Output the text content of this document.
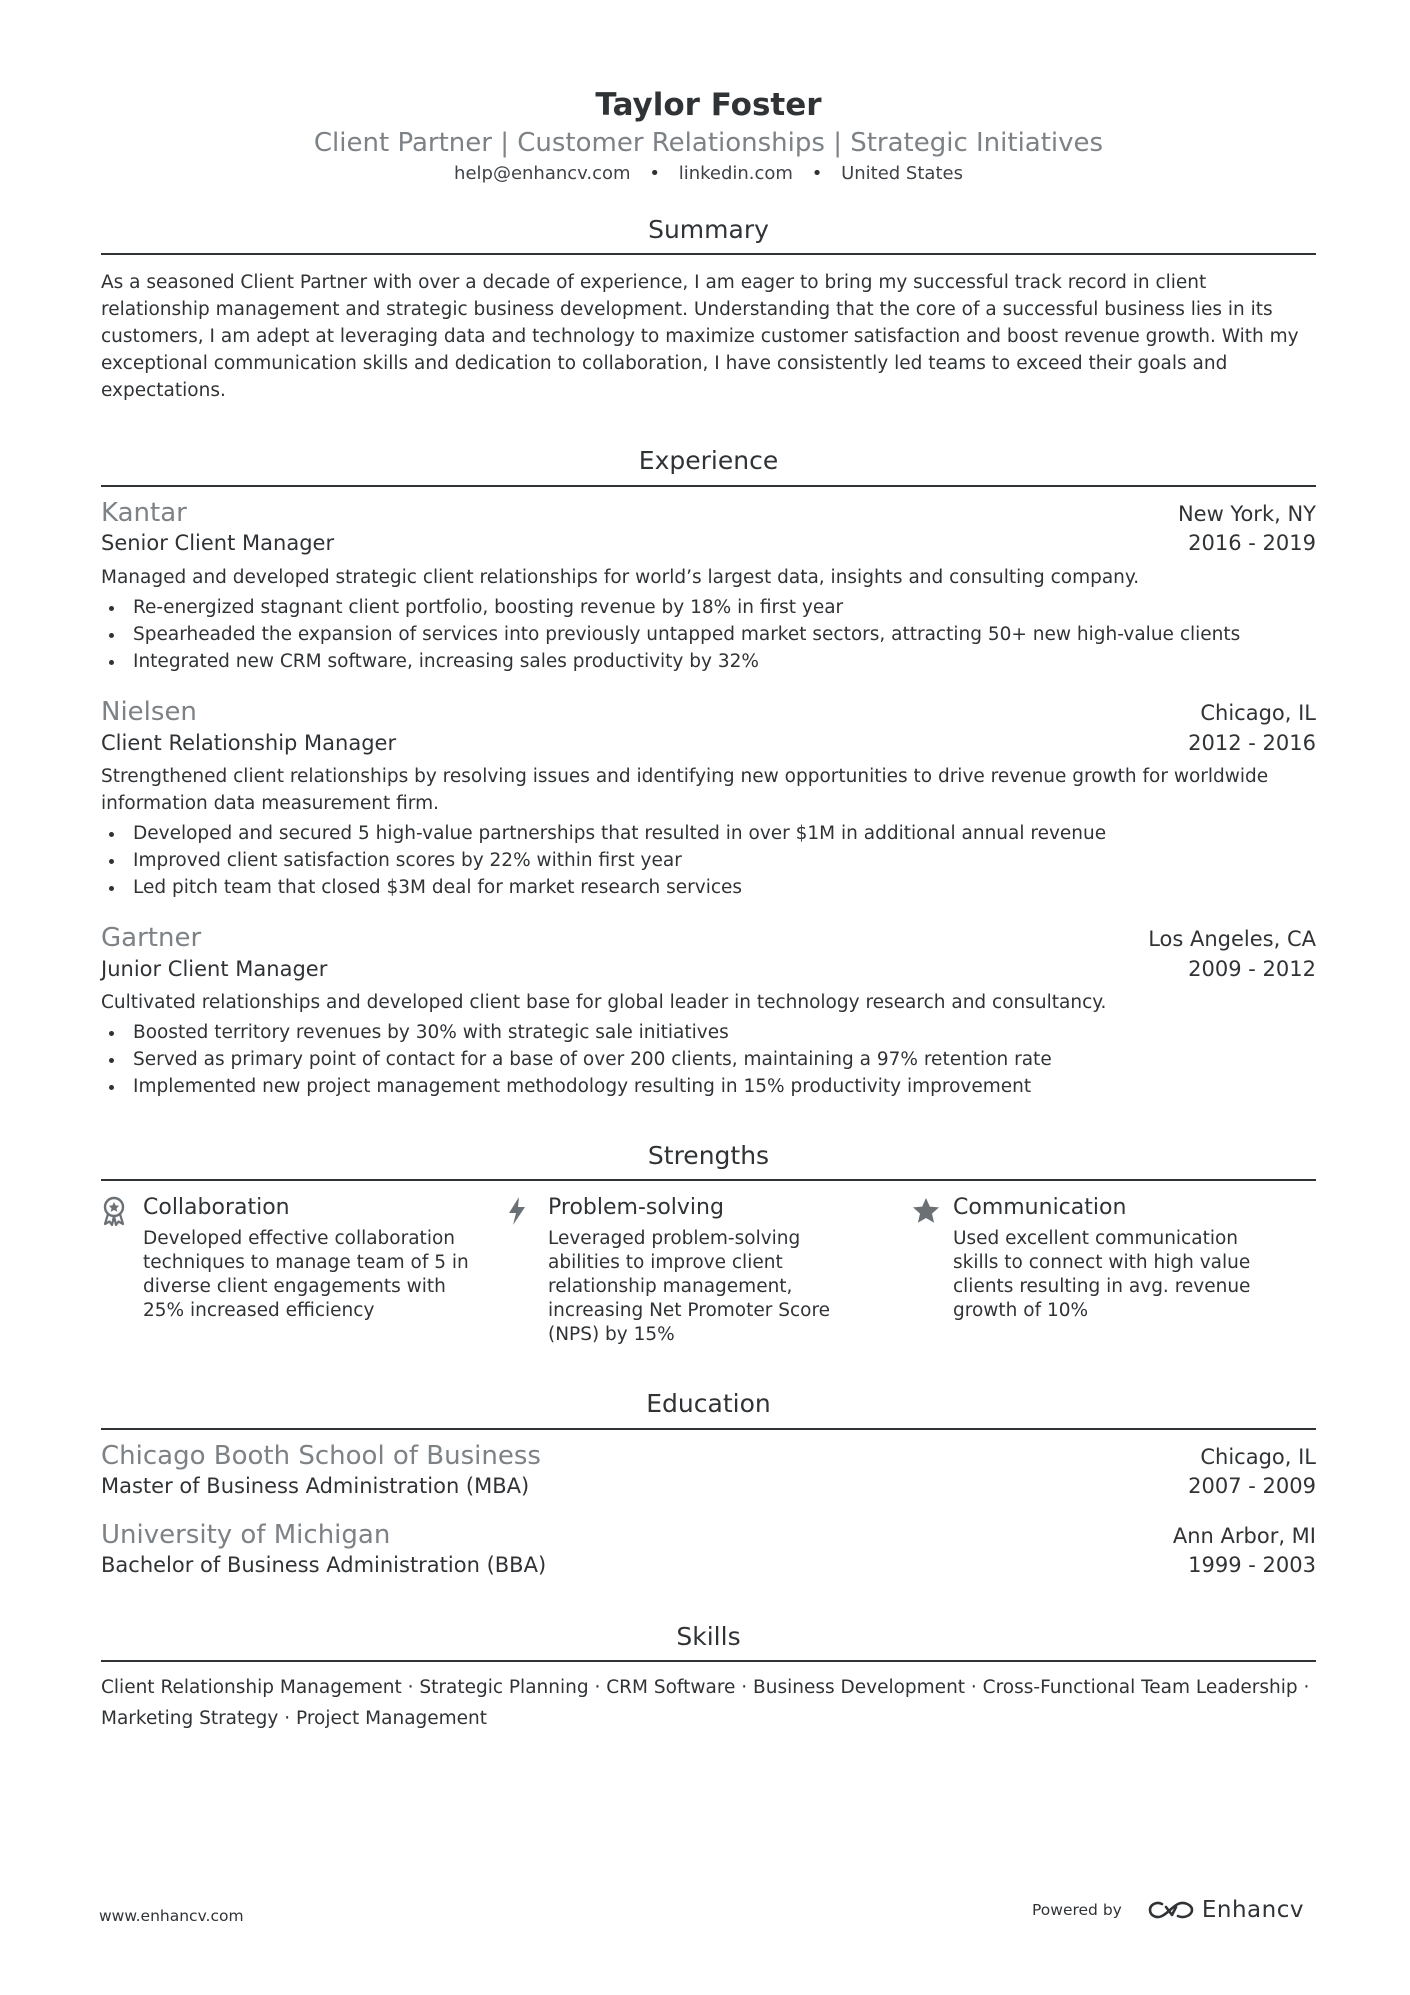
Taylor Foster
Client Partner | Customer Relationships | Strategic Initiatives
help@enhancv.com • linkedin.com • United States
Summary

As a seasoned Client Partner with over a decade of experience, I am eager to bring my successful track record in client relationship management and strategic business development. Understanding that the core of a successful business lies in its customers, I am adept at leveraging data and technology to maximize customer satisfaction and boost revenue growth. With my exceptional communication skills and dedication to collaboration, I have consistently led teams to exceed their goals and expectations.

Experience
Kantar	New York, NY
Senior Client Manager	2016 - 2019

Managed and developed strategic client relationships for world’s largest data, insights and consulting company.

Re-energized stagnant client portfolio, boosting revenue by 18% in first year
Spearheaded the expansion of services into previously untapped market sectors, attracting 50+ new high-value clients
Integrated new CRM software, increasing sales productivity by 32%
Nielsen	Chicago, IL
Client Relationship Manager	2012 - 2016

Strengthened client relationships by resolving issues and identifying new opportunities to drive revenue growth for worldwide information data measurement firm.

Developed and secured 5 high-value partnerships that resulted in over $1M in additional annual revenue
Improved client satisfaction scores by 22% within first year
Led pitch team that closed $3M deal for market research services
Gartner	Los Angeles, CA
Junior Client Manager	2009 - 2012

Cultivated relationships and developed client base for global leader in technology research and consultancy.

Boosted territory revenues by 30% with strategic sale initiatives
Served as primary point of contact for a base of over 200 clients, maintaining a 97% retention rate
Implemented new project management methodology resulting in 15% productivity improvement
Strengths
Collaboration

Developed effective collaboration techniques to manage team of 5 in diverse client engagements with 25% increased efficiency

Problem-solving

Leveraged problem-solving abilities to improve client relationship management, increasing Net Promoter Score (NPS) by 15%

Communication

Used excellent communication skills to connect with high value clients resulting in avg. revenue growth of 10%

Education
Chicago Booth School of Business	Chicago, IL
Master of Business Administration (MBA)	2007 - 2009
University of Michigan	Ann Arbor, MI
Bachelor of Business Administration (BBA)	1999 - 2003
Skills

Client Relationship Management · Strategic Planning · CRM Software · Business Development · Cross-Functional Team Leadership · Marketing Strategy · Project Management

www.enhancv.com	Powered by	Enhancv
